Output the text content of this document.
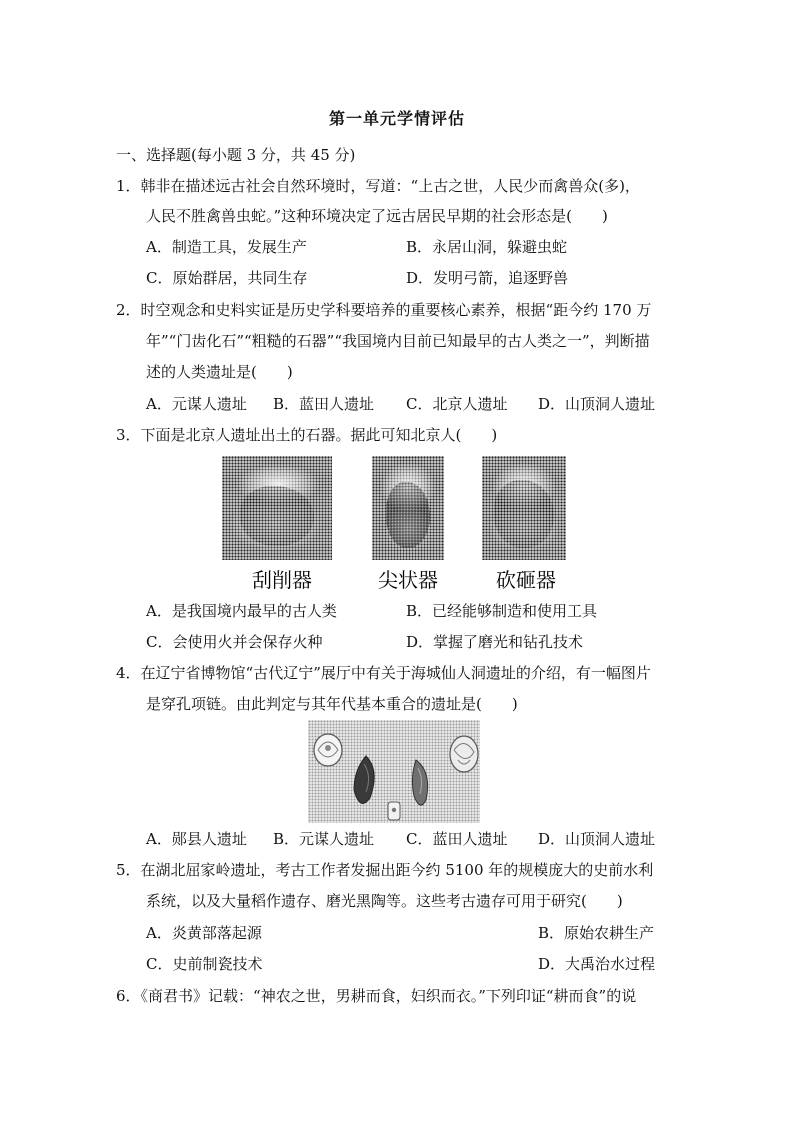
第一单元学情评估
一、选择题(每小题 3 分，共 45 分)
1．韩非在描述远古社会自然环境时，写道：“上古之世，人民少而禽兽众(多)，
人民不胜禽兽虫蛇。”这种环境决定了远古居民早期的社会形态是(　　)
A．制造工具，发展生产	B．永居山洞，躲避虫蛇
C．原始群居，共同生存	D．发明弓箭，追逐野兽
2．时空观念和史料实证是历史学科要培养的重要核心素养，根据“距今约 170 万
年”“门齿化石”“粗糙的石器”“我国境内目前已知最早的古人类之一”，判断描
述的人类遗址是(　　)
A．元谋人遗址 B．蓝田人遗址 C．北京人遗址 D．山顶洞人遗址
3．下面是北京人遗址出土的石器。据此可知北京人(　　)
刮削器	尖状器	砍砸器
A．是我国境内最早的古人类	B．已经能够制造和使用工具
C．会使用火并会保存火种	D．掌握了磨光和钻孔技术
4．在辽宁省博物馆“古代辽宁”展厅中有关于海城仙人洞遗址的介绍，有一幅图片
是穿孔项链。由此判定与其年代基本重合的遗址是(　　)
A．郧县人遗址 B．元谋人遗址 C．蓝田人遗址 D．山顶洞人遗址
5．在湖北屈家岭遗址，考古工作者发掘出距今约 5100 年的规模庞大的史前水利
系统，以及大量稻作遗存、磨光黑陶等。这些考古遗存可用于研究(　　)
A．炎黄部落起源	B．原始农耕生产
C．史前制瓷技术	D．大禹治水过程
6．《商君书》记载：“神农之世，男耕而食，妇织而衣。”下列印证“耕而食”的说
